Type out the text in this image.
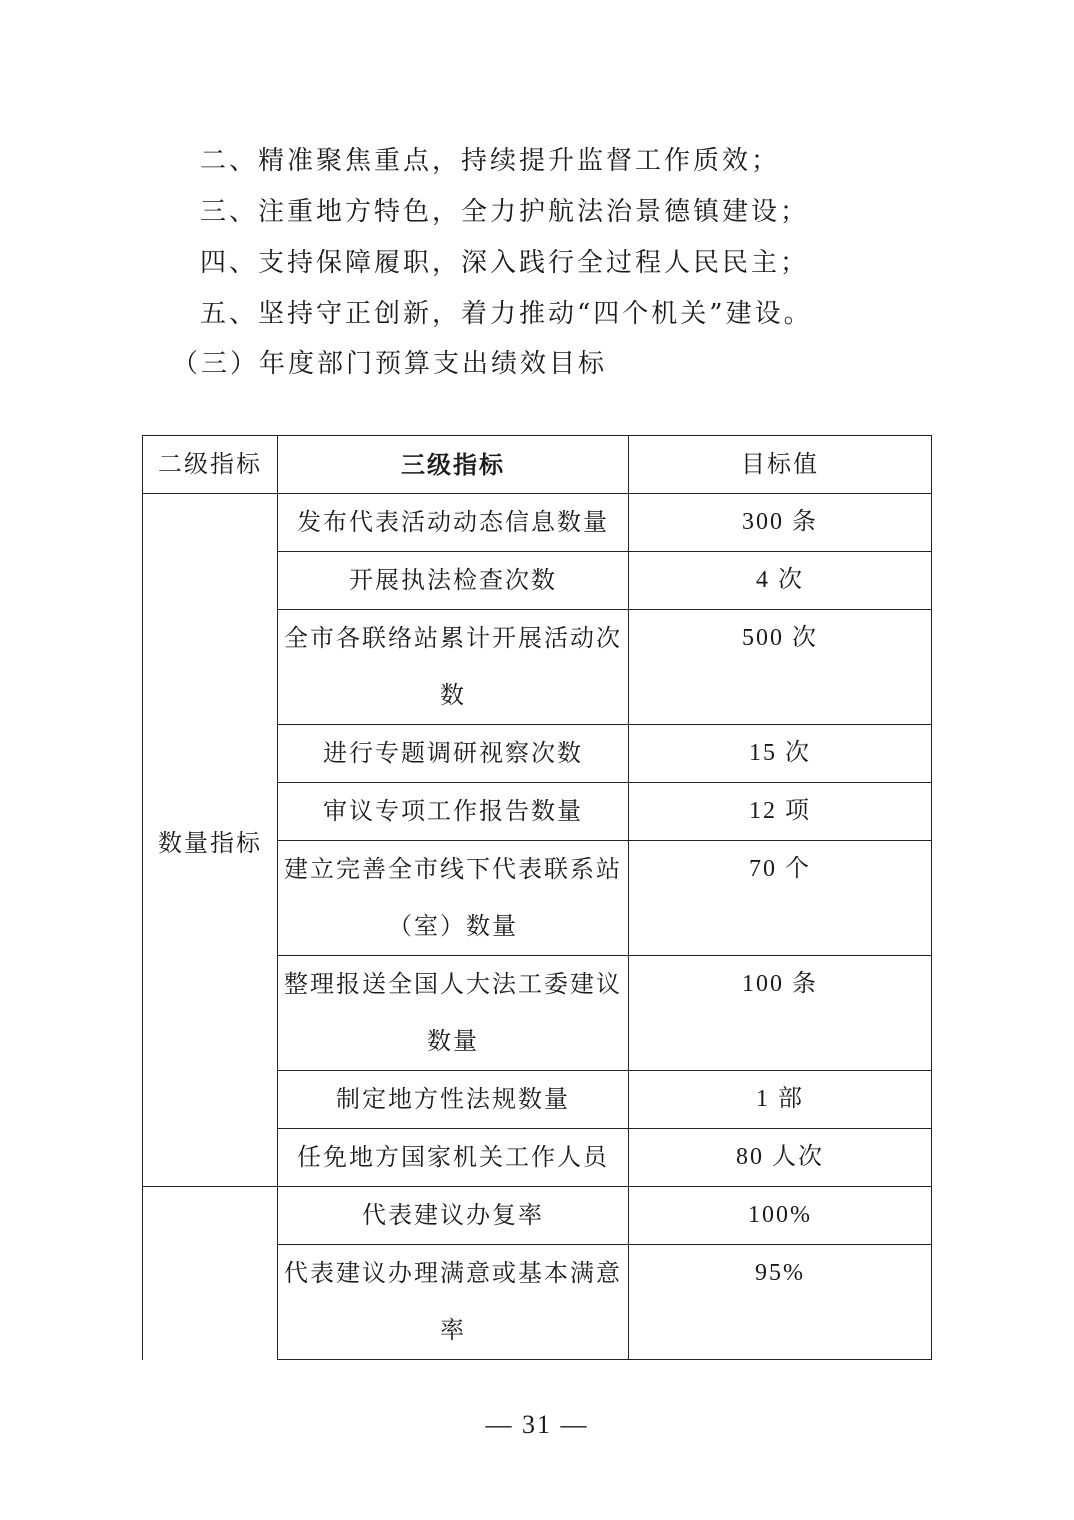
二、精准聚焦重点，持续提升监督工作质效；
三、注重地方特色，全力护航法治景德镇建设；
四、支持保障履职，深入践行全过程人民民主；
五、坚持守正创新，着力推动“四个机关”建设。
（三）年度部门预算支出绩效目标
二级指标	三级指标	目标值
数量指标	发布代表活动动态信息数量	300 条
	开展执法检查次数	4 次
	全市各联络站累计开展活动次数	500 次
	进行专题调研视察次数	15 次
	审议专项工作报告数量	12 项
	建立完善全市线下代表联系站（室）数量	70 个
	整理报送全国人大法工委建议数量	100 条
	制定地方性法规数量	1 部
	任免地方国家机关工作人员	80 人次
	代表建议办复率	100%
	代表建议办理满意或基本满意率	95%
— 31 —
